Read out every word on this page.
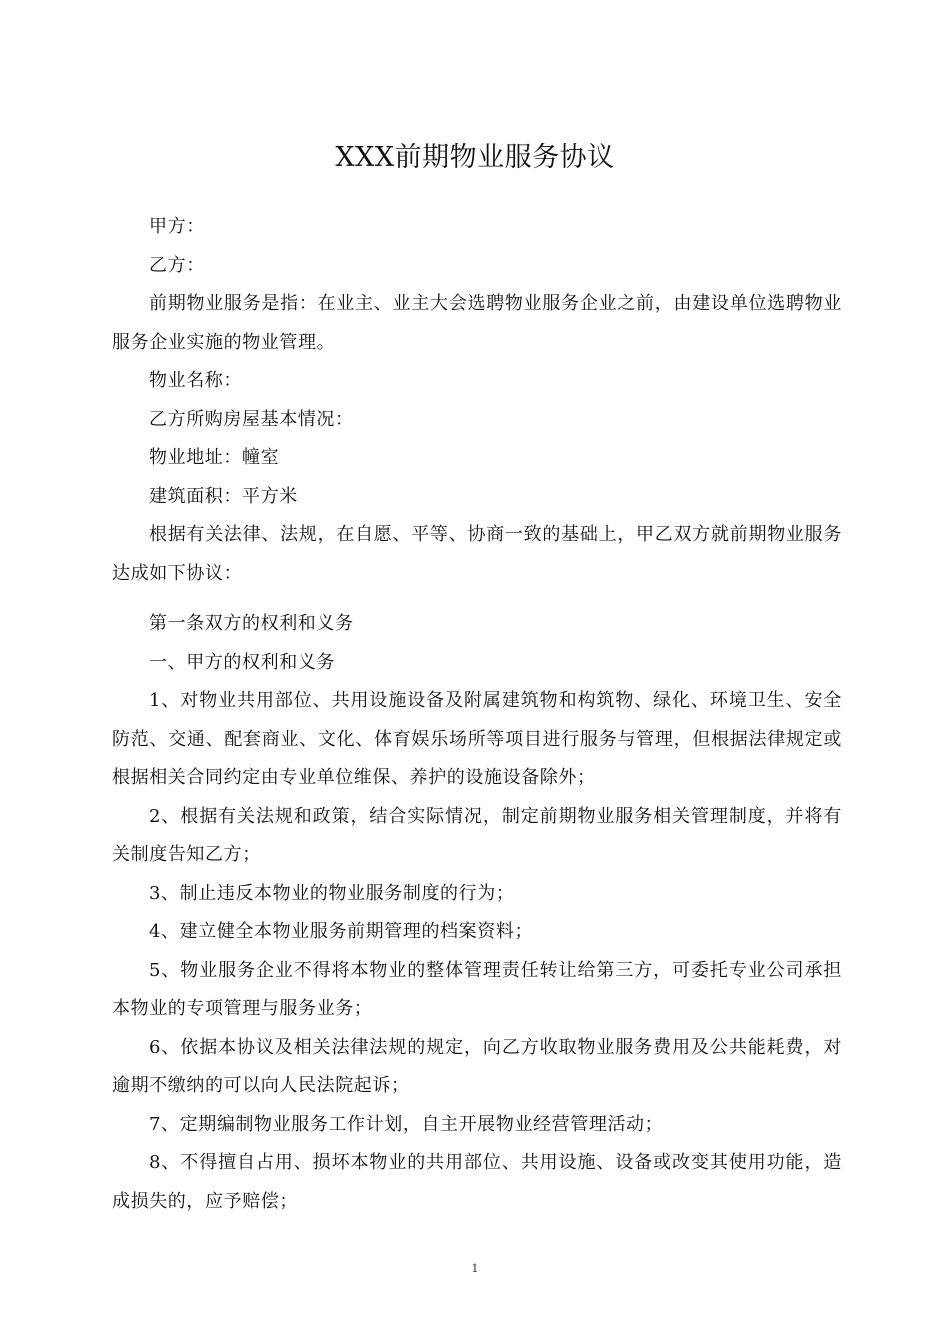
XXX前期物业服务协议

甲方：

乙方：

前期物业服务是指：在业主、业主大会选聘物业服务企业之前，由建设单位选聘物业服务企业实施的物业管理。

物业名称：

乙方所购房屋基本情况：

物业地址：幢室

建筑面积：平方米

根据有关法律、法规，在自愿、平等、协商一致的基础上，甲乙双方就前期物业服务达成如下协议：

第一条双方的权利和义务

一、甲方的权利和义务

1、对物业共用部位、共用设施设备及附属建筑物和构筑物、绿化、环境卫生、安全防范、交通、配套商业、文化、体育娱乐场所等项目进行服务与管理，但根据法律规定或根据相关合同约定由专业单位维保、养护的设施设备除外；

2、根据有关法规和政策，结合实际情况，制定前期物业服务相关管理制度，并将有关制度告知乙方；

3、制止违反本物业的物业服务制度的行为；

4、建立健全本物业服务前期管理的档案资料；

5、物业服务企业不得将本物业的整体管理责任转让给第三方，可委托专业公司承担本物业的专项管理与服务业务；

6、依据本协议及相关法律法规的规定，向乙方收取物业服务费用及公共能耗费，对逾期不缴纳的可以向人民法院起诉；

7、定期编制物业服务工作计划，自主开展物业经营管理活动；

8、不得擅自占用、损坏本物业的共用部位、共用设施、设备或改变其使用功能，造成损失的，应予赔偿；

1
